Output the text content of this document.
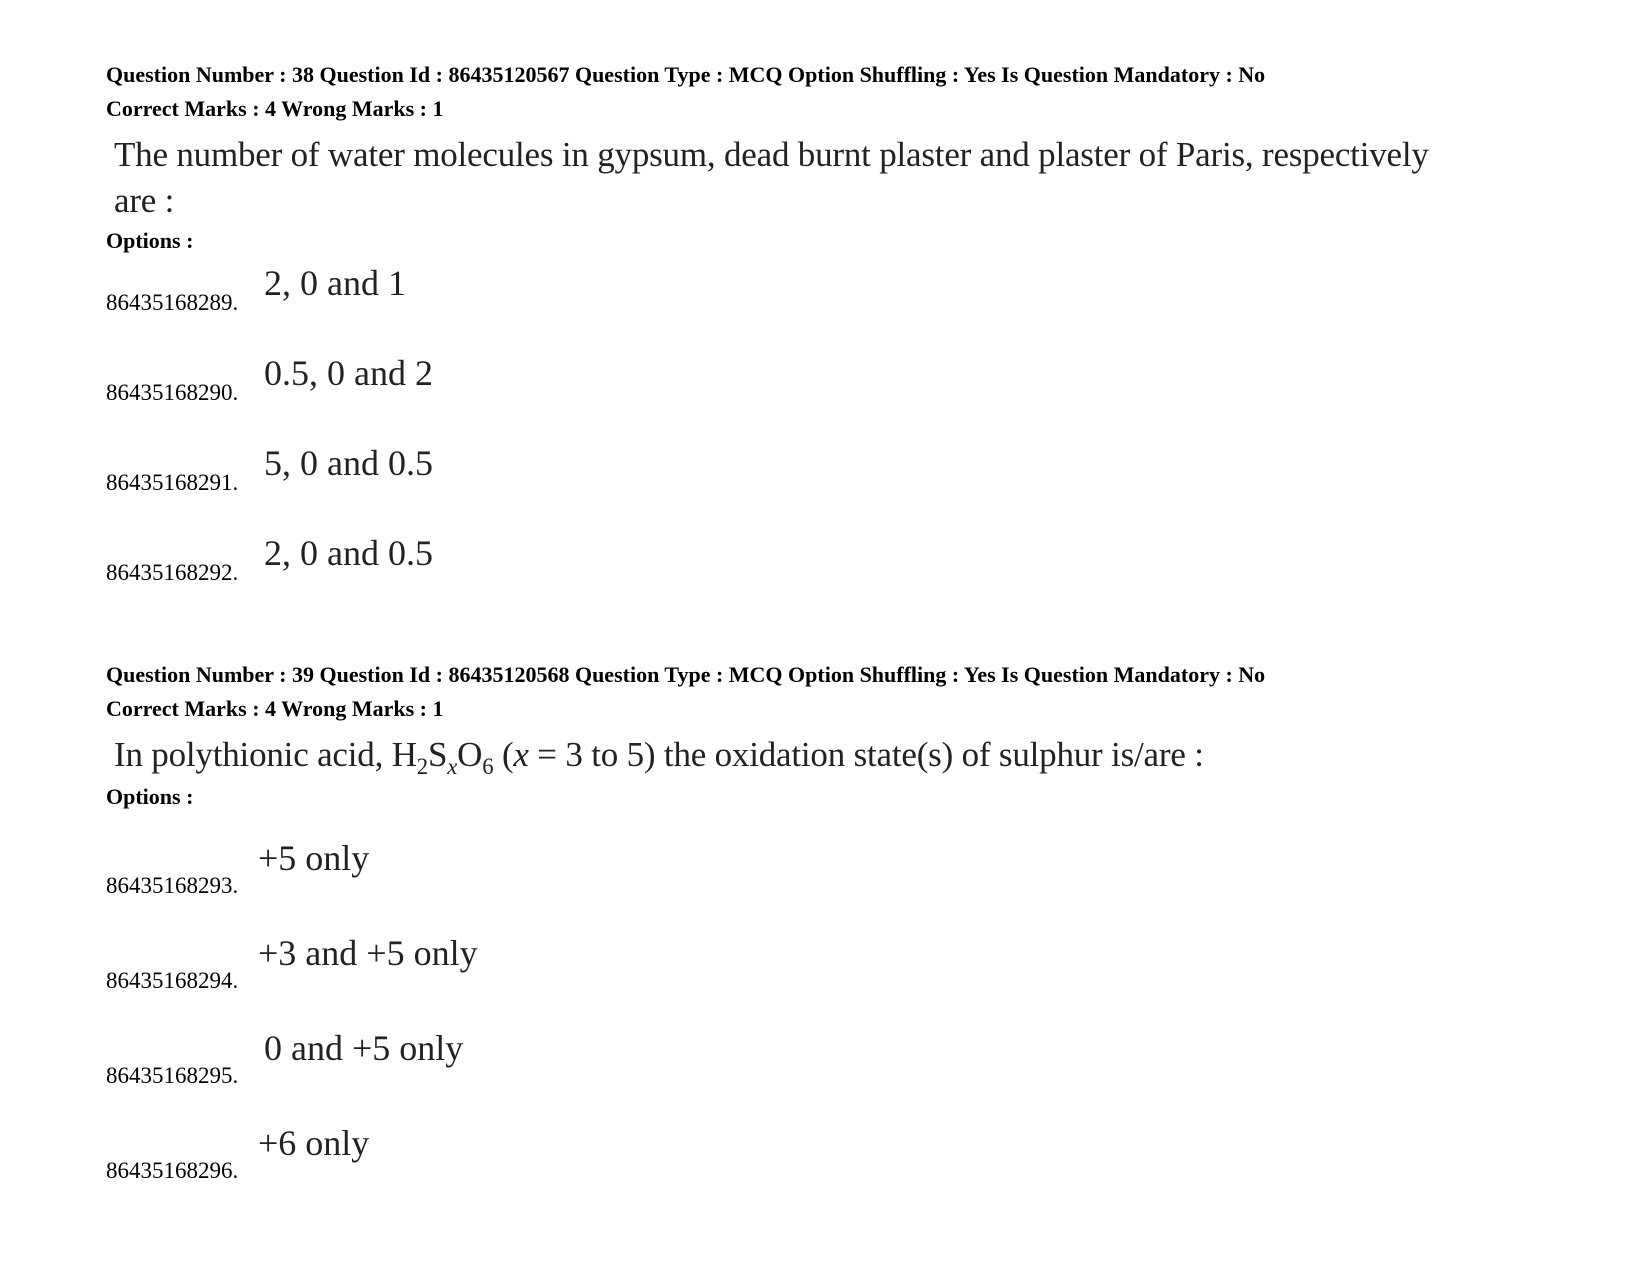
Question Number : 38 Question Id : 86435120567 Question Type : MCQ Option Shuffling : Yes Is Question Mandatory : No
Correct Marks : 4 Wrong Marks : 1
The number of water molecules in gypsum, dead burnt plaster and plaster of Paris, respectively
are :
Options :
2, 0 and 1
86435168289.
0.5, 0 and 2
86435168290.
5, 0 and 0.5
86435168291.
2, 0 and 0.5
86435168292.
Question Number : 39 Question Id : 86435120568 Question Type : MCQ Option Shuffling : Yes Is Question Mandatory : No
Correct Marks : 4 Wrong Marks : 1
In polythionic acid, $H_2S_xO_6$ (x = 3 to 5) the oxidation state(s) of sulphur is/are :
Options :
+5 only
86435168293.
+3 and +5 only
86435168294.
0 and +5 only
86435168295.
+6 only
86435168296.
